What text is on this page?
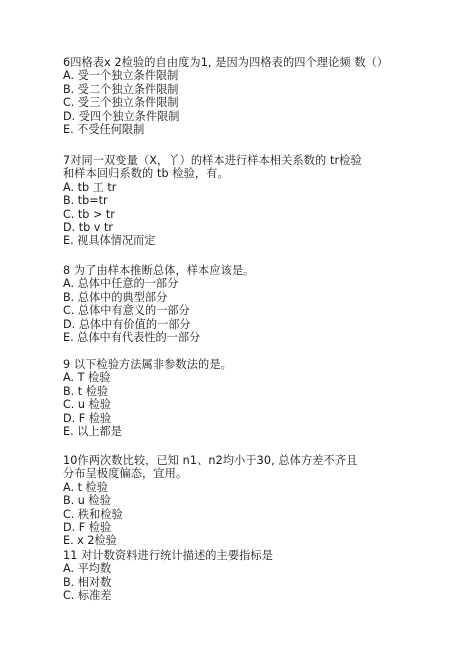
6四格表x 2检验的自由度为1, 是因为四格表的四个理论频 数（）
A. 受一个独立条件限制
B. 受二个独立条件限制
C. 受三个独立条件限制
D. 受四个独立条件限制
E. 不受任何限制
7对同一双变量（X，丫）的样本进行样本相关系数的 tr检验
和样本回归系数的 tb 检验，有。
A. tb 工 tr
B. tb=tr
C. tb > tr
D. tb v tr
E. 视具体情况而定
8 为了由样本推断总体，样本应该是。
A. 总体中任意的一部分
B. 总体中的典型部分
C. 总体中有意义的一部分
D. 总体中有价值的一部分
E. 总体中有代表性的一部分
9 以下检验方法属非参数法的是。
A. T 检验
B. t 检验
C. u 检验
D. F 检验
E. 以上都是
10作两次数比较，已知 n1、n2均小于30, 总体方差不齐且
分布呈极度偏态，宜用。
A. t 检验
B. u 检验
C. 秩和检验
D. F 检验
E. x 2检验
11 对计数资料进行统计描述的主要指标是
A. 平均数
B. 相对数
C. 标准差
